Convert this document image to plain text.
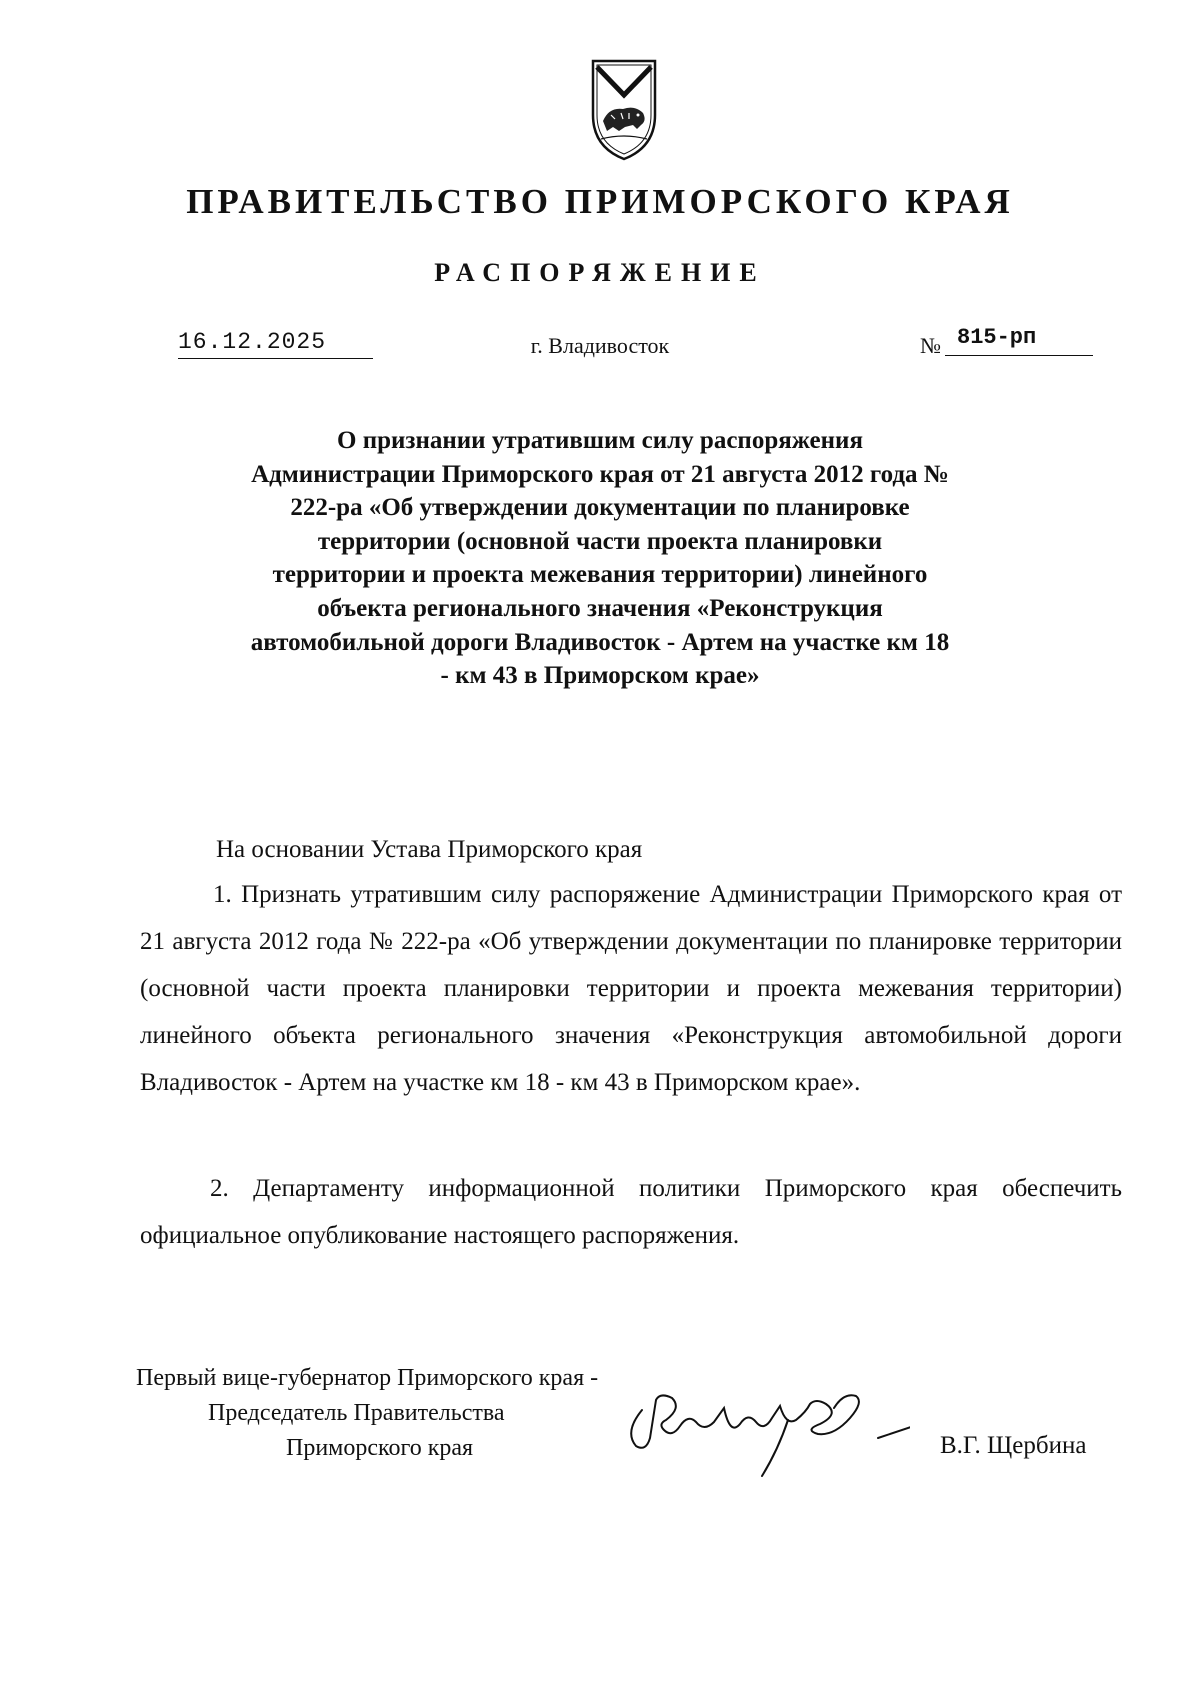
ПРАВИТЕЛЬСТВО ПРИМОРСКОГО КРАЯ
РАСПОРЯЖЕНИЕ
16.12.2025	г. Владивосток	№ 815-рп

О признании утратившим силу распоряжения Администрации Приморского края от 21 августа 2012 года № 222-ра «Об утверждении документации по планировке территории (основной части проекта планировки территории и проекта межевания территории) линейного объекта регионального значения «Реконструкция автомобильной дороги Владивосток - Артем на участке км 18 - км 43 в Приморском крае»

На основании Устава Приморского края

1. Признать утратившим силу распоряжение Администрации Приморского края от 21 августа 2012 года № 222-ра «Об утверждении документации по планировке территории (основной части проекта планировки территории и проекта межевания территории) линейного объекта регионального значения «Реконструкция автомобильной дороги Владивосток - Артем на участке км 18 - км 43 в Приморском крае».

2. Департаменту информационной политики Приморского края обеспечить официальное опубликование настоящего распоряжения.

Первый вице-губернатор Приморского края -
Председатель Правительства
Приморского края	В.Г. Щербина
